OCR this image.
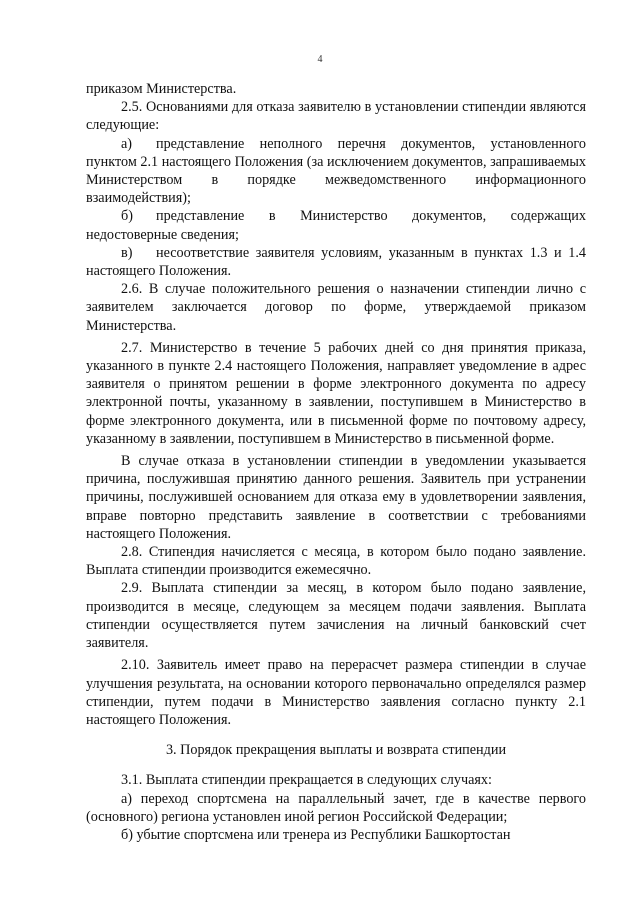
4

приказом Министерства.

2.5. Основаниями для отказа заявителю в установлении стипендии являются следующие:

а) представление неполного перечня документов, установленного пунктом 2.1 настоящего Положения (за исключением документов, запрашиваемых Министерством в порядке межведомственного информационного взаимодействия);

б) представление в Министерство документов, содержащих недостоверные сведения;

в) несоответствие заявителя условиям, указанным в пунктах 1.3 и 1.4 настоящего Положения.

2.6. В случае положительного решения о назначении стипендии лично с заявителем заключается договор по форме, утверждаемой приказом Министерства.

2.7. Министерство в течение 5 рабочих дней со дня принятия приказа, указанного в пункте 2.4 настоящего Положения, направляет уведомление в адрес заявителя о принятом решении в форме электронного документа по адресу электронной почты, указанному в заявлении, поступившем в Министерство в форме электронного документа, или в письменной форме по почтовому адресу, указанному в заявлении, поступившем в Министерство в письменной форме.

В случае отказа в установлении стипендии в уведомлении указывается причина, послужившая принятию данного решения. Заявитель при устранении причины, послужившей основанием для отказа ему в удовлетворении заявления, вправе повторно представить заявление в соответствии с требованиями настоящего Положения.

2.8. Стипендия начисляется с месяца, в котором было подано заявление. Выплата стипендии производится ежемесячно.

2.9. Выплата стипендии за месяц, в котором было подано заявление, производится в месяце, следующем за месяцем подачи заявления. Выплата стипендии осуществляется путем зачисления на личный банковский счет заявителя.

2.10. Заявитель имеет право на перерасчет размера стипендии в случае улучшения результата, на основании которого первоначально определялся размер стипендии, путем подачи в Министерство заявления согласно пункту 2.1 настоящего Положения.

3. Порядок прекращения выплаты и возврата стипендии

3.1. Выплата стипендии прекращается в следующих случаях:

а) переход спортсмена на параллельный зачет, где в качестве первого (основного) региона установлен иной регион Российской Федерации;

б) убытие спортсмена или тренера из Республики Башкортостан
